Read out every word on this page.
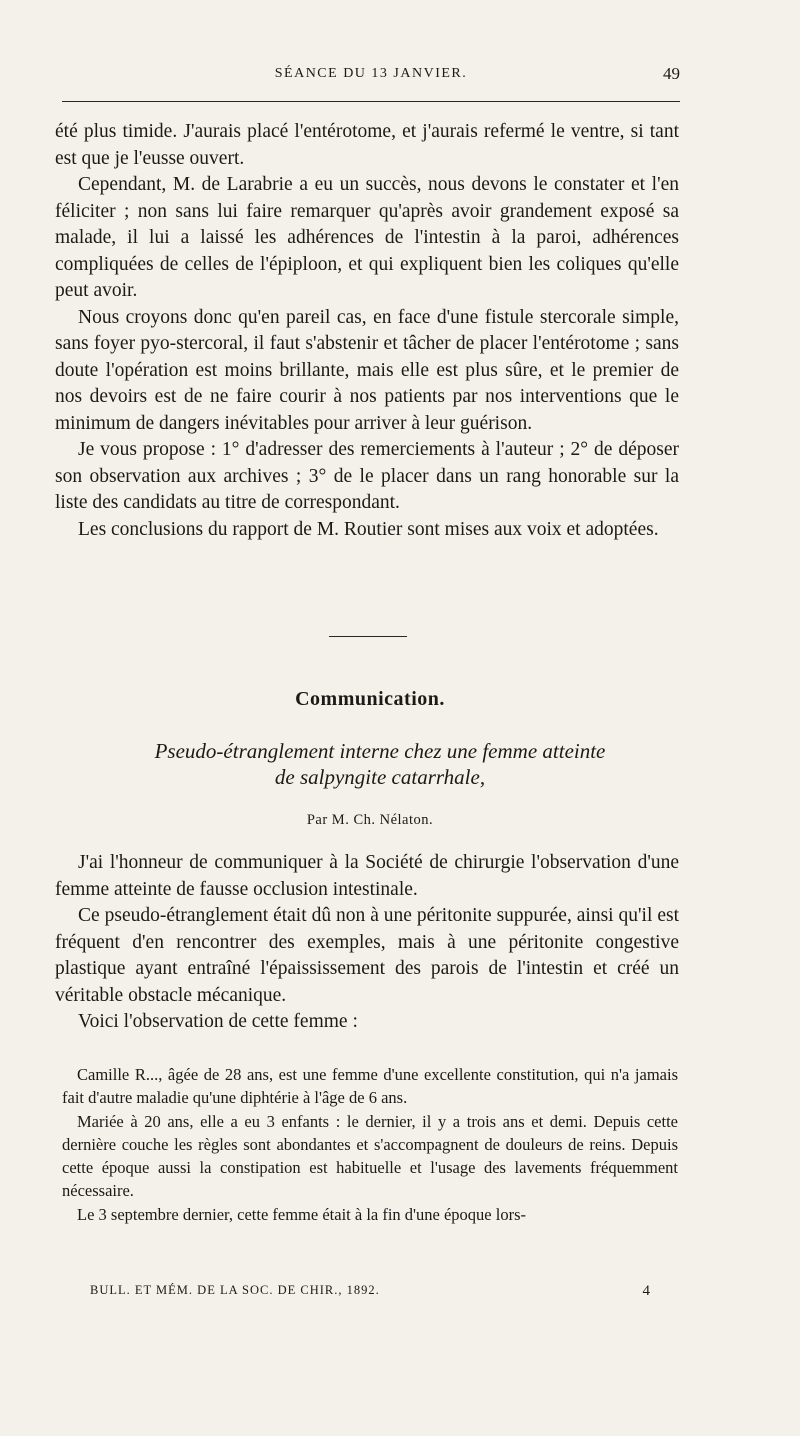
SÉANCE DU 13 JANVIER.	49

été plus timide. J'aurais placé l'entérotome, et j'aurais refermé le ventre, si tant est que je l'eusse ouvert.

Cependant, M. de Larabrie a eu un succès, nous devons le constater et l'en féliciter ; non sans lui faire remarquer qu'après avoir grandement exposé sa malade, il lui a laissé les adhérences de l'intestin à la paroi, adhérences compliquées de celles de l'épiploon, et qui expliquent bien les coliques qu'elle peut avoir.

Nous croyons donc qu'en pareil cas, en face d'une fistule stercorale simple, sans foyer pyo-stercoral, il faut s'abstenir et tâcher de placer l'entérotome ; sans doute l'opération est moins brillante, mais elle est plus sûre, et le premier de nos devoirs est de ne faire courir à nos patients par nos interventions que le minimum de dangers inévitables pour arriver à leur guérison.

Je vous propose : 1° d'adresser des remerciements à l'auteur ; 2° de déposer son observation aux archives ; 3° de le placer dans un rang honorable sur la liste des candidats au titre de correspondant.

Les conclusions du rapport de M. Routier sont mises aux voix et adoptées.

Communication.
Pseudo-étranglement interne chez une femme atteinte
de salpyngite catarrhale,
Par M. Ch. Nélaton.

J'ai l'honneur de communiquer à la Société de chirurgie l'observation d'une femme atteinte de fausse occlusion intestinale.

Ce pseudo-étranglement était dû non à une péritonite suppurée, ainsi qu'il est fréquent d'en rencontrer des exemples, mais à une péritonite congestive plastique ayant entraîné l'épaississement des parois de l'intestin et créé un véritable obstacle mécanique.

Voici l'observation de cette femme :

Camille R..., âgée de 28 ans, est une femme d'une excellente constitution, qui n'a jamais fait d'autre maladie qu'une diphtérie à l'âge de 6 ans.

Mariée à 20 ans, elle a eu 3 enfants : le dernier, il y a trois ans et demi. Depuis cette dernière couche les règles sont abondantes et s'accompagnent de douleurs de reins. Depuis cette époque aussi la constipation est habituelle et l'usage des lavements fréquemment nécessaire.

Le 3 septembre dernier, cette femme était à la fin d'une époque lors-

BULL. ET MÉM. DE LA SOC. DE CHIR., 1892.	4
